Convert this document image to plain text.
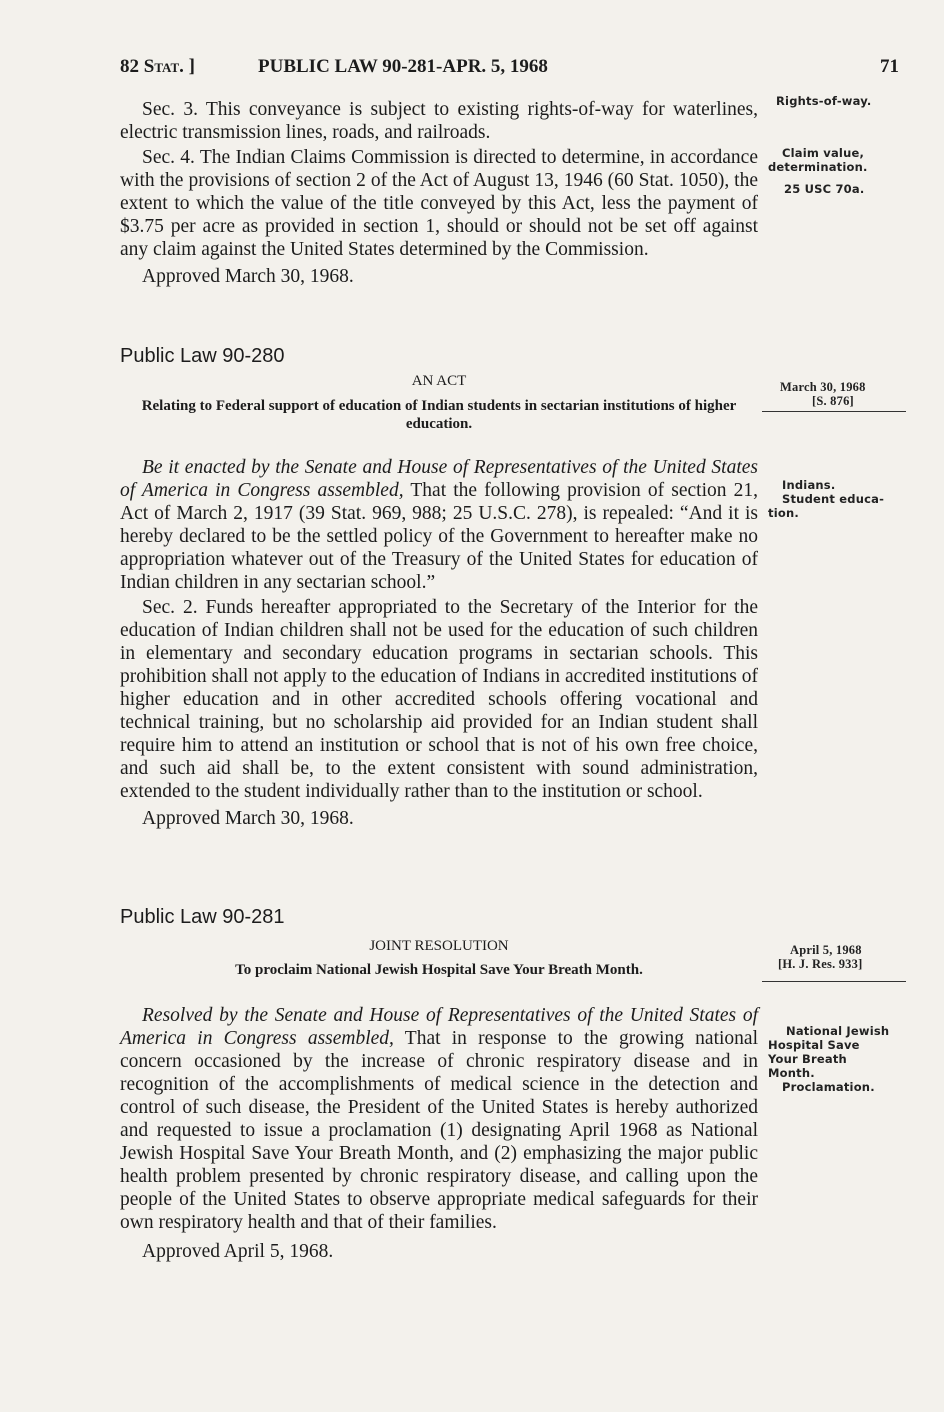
82 Stat. ]	PUBLIC LAW 90-281-APR. 5, 1968	71

Sec. 3. This conveyance is subject to existing rights-of-way for waterlines, electric transmission lines, roads, and railroads.

Sec. 4. The Indian Claims Commission is directed to determine, in accordance with the provisions of section 2 of the Act of August 13, 1946 (60 Stat. 1050), the extent to which the value of the title conveyed by this Act, less the payment of $3.75 per acre as provided in section 1, should or should not be set off against any claim against the United States determined by the Commission.

Approved March 30, 1968.

Public Law 90-280
AN ACT
Relating to Federal support of education of Indian students in sectarian institutions of higher education.

Be it enacted by the Senate and House of Representatives of the United States of America in Congress assembled, That the following provision of section 21, Act of March 2, 1917 (39 Stat. 969, 988; 25 U.S.C. 278), is repealed: “And it is hereby declared to be the settled policy of the Government to hereafter make no appropriation whatever out of the Treasury of the United States for education of Indian children in any sectarian school.”

Sec. 2. Funds hereafter appropriated to the Secretary of the Interior for the education of Indian children shall not be used for the education of such children in elementary and secondary education programs in sectarian schools. This prohibition shall not apply to the education of Indians in accredited institutions of higher education and in other accredited schools offering vocational and technical training, but no scholarship aid provided for an Indian student shall require him to attend an institution or school that is not of his own free choice, and such aid shall be, to the extent consistent with sound administration, extended to the student individually rather than to the institution or school.

Approved March 30, 1968.

Public Law 90-281
JOINT RESOLUTION
To proclaim National Jewish Hospital Save Your Breath Month.

Resolved by the Senate and House of Representatives of the United States of America in Congress assembled, That in response to the growing national concern occasioned by the increase of chronic respiratory disease and in recognition of the accomplishments of medical science in the detection and control of such disease, the President of the United States is hereby authorized and requested to issue a proclamation (1) designating April 1968 as National Jewish Hospital Save Your Breath Month, and (2) emphasizing the major public health problem presented by chronic respiratory disease, and calling upon the people of the United States to observe appropriate medical safeguards for their own respiratory health and that of their families.

Approved April 5, 1968.

Rights-of-way.
Claim value,
determination.
25 USC 70a.
March 30, 1968
[S. 876]
Indians.
Student educa-
tion.
April 5, 1968
[H. J. Res. 933]
National Jewish
Hospital Save
Your Breath
Month.
Proclamation.
